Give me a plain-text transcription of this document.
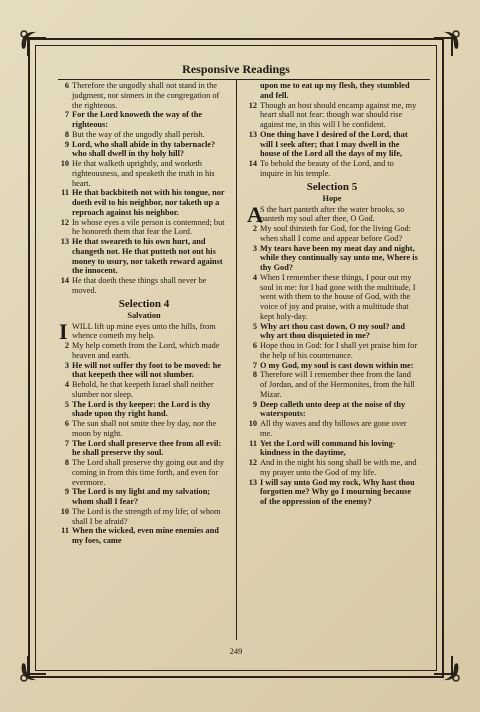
Responsive Readings
6 Therefore the ungodly shall not stand in the judgment, nor sinners in the congregation of the righteous.
7 For the Lord knoweth the way of the righteous:
8 But the way of the ungodly shall perish.
9 Lord, who shall abide in thy tabernacle? who shall dwell in thy holy hill?
10 He that walketh uprightly, and worketh righteousness, and speaketh the truth in his heart.
11 He that backbiteth not with his tongue, nor doeth evil to his neighbor, nor taketh up a reproach against his neighbor.
12 In whose eyes a vile person is contemned; but he honoreth them that fear the Lord.
13 He that sweareth to his own hurt, and changeth not. He that putteth not out his money to usury, nor taketh reward against the innocent.
14 He that doeth these things shall never be moved.
Selection 4
Salvation
I WILL lift up mine eyes unto the hills, from whence cometh my help.
2 My help cometh from the Lord, which made heaven and earth.
3 He will not suffer thy foot to be moved: he that keepeth thee will not slumber.
4 Behold, he that keepeth Israel shall neither slumber nor sleep.
5 The Lord is thy keeper: the Lord is thy shade upon thy right hand.
6 The sun shall not smite thee by day, nor the moon by night.
7 The Lord shall preserve thee from all evil: he shall preserve thy soul.
8 The Lord shall preserve thy going out and thy coming in from this time forth, and even for evermore.
9 The Lord is my light and my salvation; whom shall I fear?
10 The Lord is the strength of my life; of whom shall I be afraid?
11 When the wicked, even mine enemies and my foes, came
upon me to eat up my flesh, they stumbled and fell.
12 Though an host should encamp against me, my heart shall not fear: though war should rise against me, in this will I be confident.
13 One thing have I desired of the Lord, that will I seek after; that I may dwell in the house of the Lord all the days of my life,
14 To behold the beauty of the Lord, and to inquire in his temple.
Selection 5
Hope
A
S the hart panteth after the water brooks, so panteth my soul after thee, O God.
2 My soul thirsteth for God, for the living God: when shall I come and appear before God?
3 My tears have been my meat day and night, while they continually say unto me, Where is thy God?
4 When I remember these things, I pour out my soul in me: for I had gone with the multitude, I went with them to the house of God, with the voice of joy and praise, with a multitude that kept holy-day.
5 Why art thou cast down, O my soul? and why art thou disquieted in me?
6 Hope thou in God: for I shall yet praise him for the help of his countenance.
7 O my God, my soul is cast down within me:
8 Therefore will I remember thee from the land of Jordan, and of the Hermonites, from the hill Mizar.
9 Deep calleth unto deep at the noise of thy waterspouts:
10 All thy waves and thy billows are gone over me.
11 Yet the Lord will command his loving-kindness in the daytime,
12 And in the night his song shall be with me, and my prayer unto the God of my life.
13 I will say unto God my rock, Why hast thou forgotten me? Why go I mourning because of the oppression of the enemy?
249
